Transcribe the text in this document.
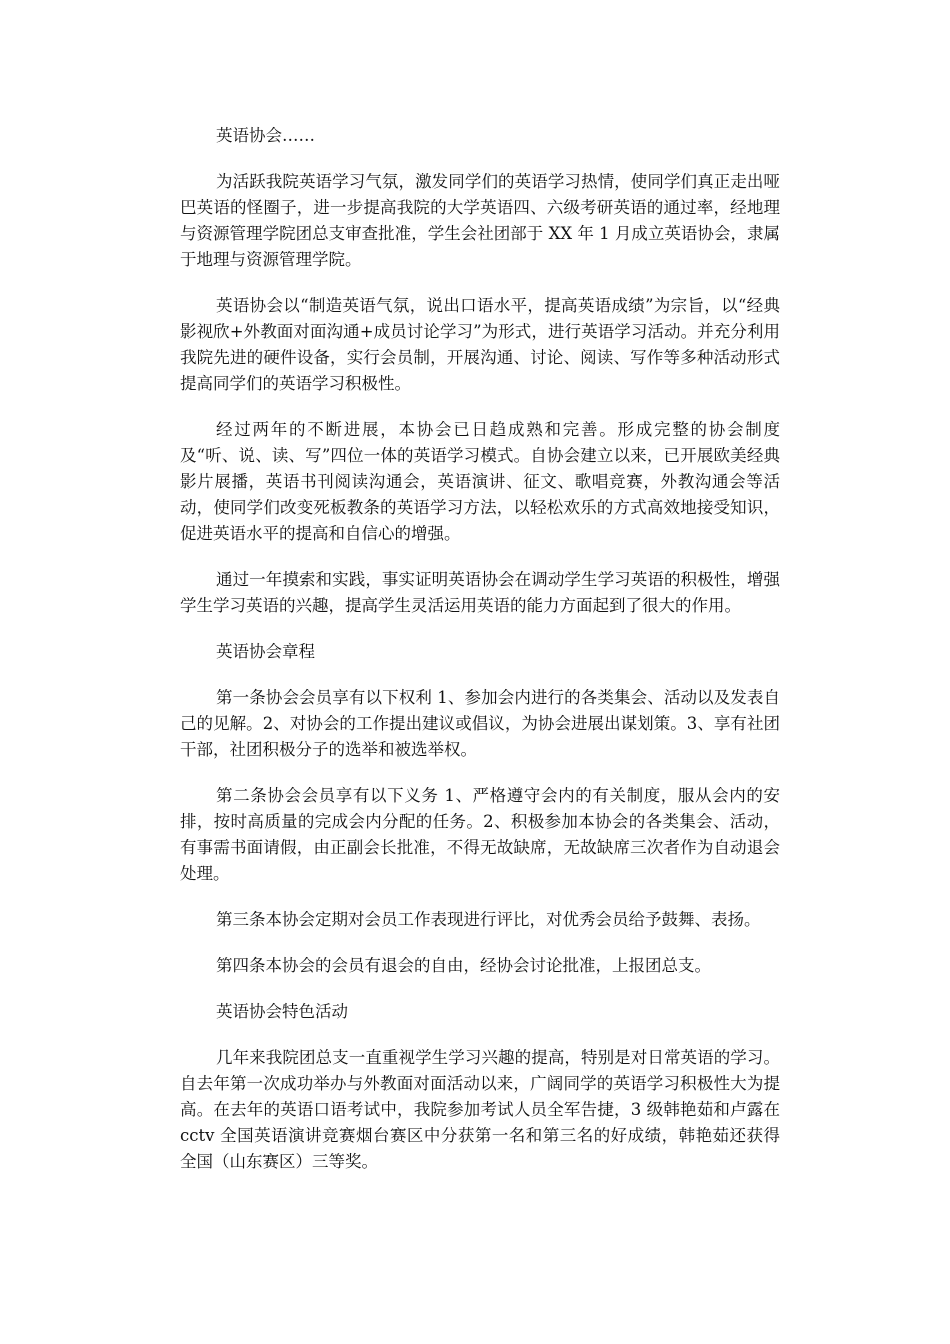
英语协会……

为活跃我院英语学习气氛，激发同学们的英语学习热情，使同学们真正走出哑巴英语的怪圈子，进一步提高我院的大学英语四、六级考研英语的通过率，经地理与资源管理学院团总支审查批准，学生会社团部于 XX 年 1 月成立英语协会，隶属于地理与资源管理学院。

英语协会以“制造英语气氛，说出口语水平，提高英语成绩”为宗旨，以“经典影视欣+外教面对面沟通+成员讨论学习”为形式，进行英语学习活动。并充分利用我院先进的硬件设备，实行会员制，开展沟通、讨论、阅读、写作等多种活动形式提高同学们的英语学习积极性。

经过两年的不断进展，本协会已日趋成熟和完善。形成完整的协会制度及“听、说、读、写”四位一体的英语学习模式。自协会建立以来，已开展欧美经典影片展播，英语书刊阅读沟通会，英语演讲、征文、歌唱竞赛，外教沟通会等活动，使同学们改变死板教条的英语学习方法，以轻松欢乐的方式高效地接受知识，促进英语水平的提高和自信心的增强。

通过一年摸索和实践，事实证明英语协会在调动学生学习英语的积极性，增强学生学习英语的兴趣，提高学生灵活运用英语的能力方面起到了很大的作用。

英语协会章程

第一条协会会员享有以下权利 1、参加会内进行的各类集会、活动以及发表自己的见解。2、对协会的工作提出建议或倡议，为协会进展出谋划策。3、享有社团干部，社团积极分子的选举和被选举权。

第二条协会会员享有以下义务 1、严格遵守会内的有关制度，服从会内的安排，按时高质量的完成会内分配的任务。2、积极参加本协会的各类集会、活动，有事需书面请假，由正副会长批准，不得无故缺席，无故缺席三次者作为自动退会处理。

第三条本协会定期对会员工作表现进行评比，对优秀会员给予鼓舞、表扬。

第四条本协会的会员有退会的自由，经协会讨论批准，上报团总支。

英语协会特色活动

几年来我院团总支一直重视学生学习兴趣的提高，特别是对日常英语的学习。自去年第一次成功举办与外教面对面活动以来，广阔同学的英语学习积极性大为提高。在去年的英语口语考试中，我院参加考试人员全军告捷，3 级韩艳茹和卢露在 cctv 全国英语演讲竞赛烟台赛区中分获第一名和第三名的好成绩，韩艳茹还获得全国（山东赛区）三等奖。
